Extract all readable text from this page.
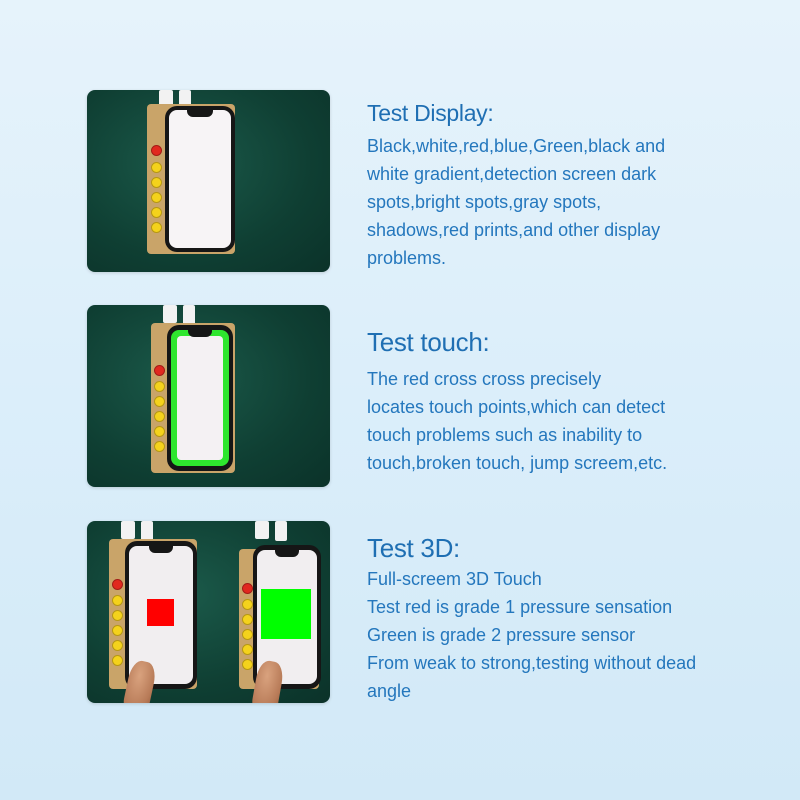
Test Display:
Black,white,red,blue,Green,black and
white gradient,detection screen dark
spots,bright spots,gray spots,
shadows,red prints,and other display
problems.
Test touch:
The red cross cross precisely
locates touch points,which can detect
touch problems such as inability to
touch,broken touch, jump screem,etc.
Test 3D:
Full-screem 3D Touch
Test red is grade 1 pressure sensation
Green is grade 2 pressure sensor
From weak to strong,testing without dead
angle
